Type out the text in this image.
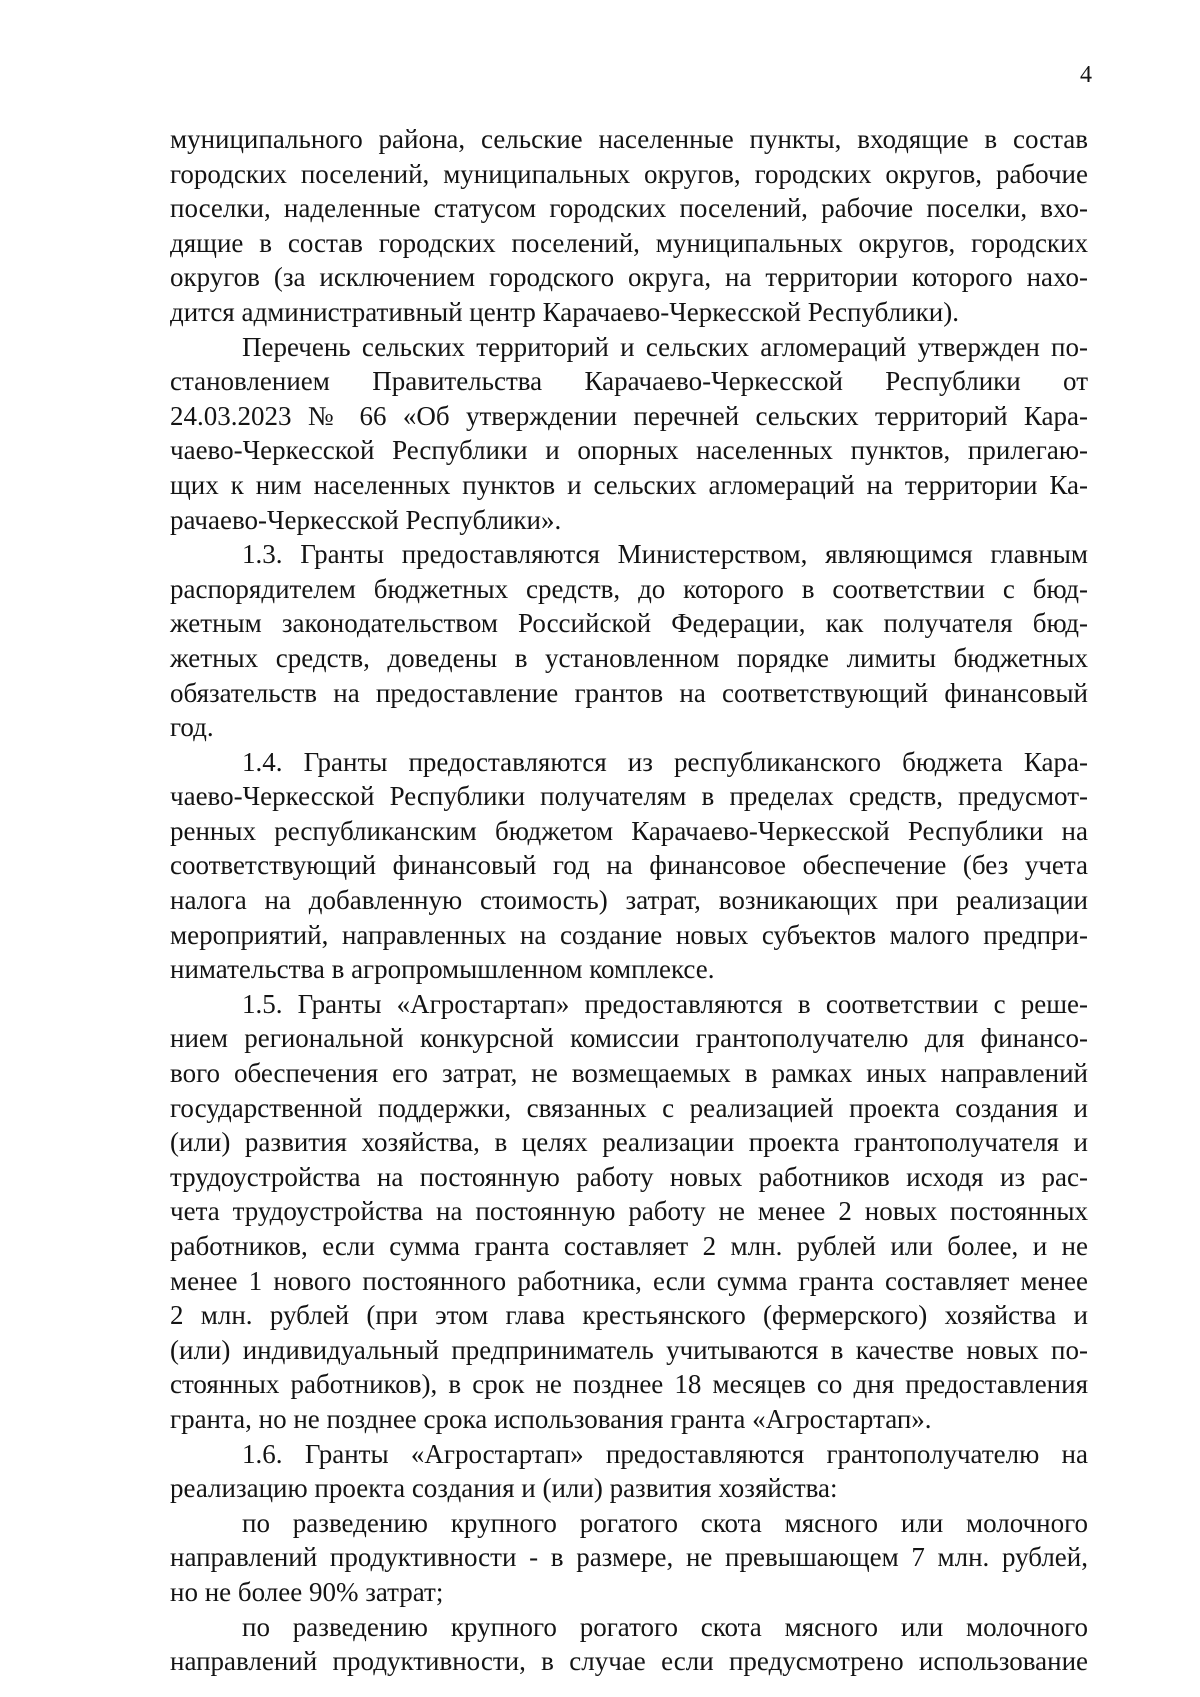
4
муниципального района, сельские населенные пункты, входящие в состав
городских поселений, муниципальных округов, городских округов, рабочие
поселки, наделенные статусом городских поселений, рабочие поселки, вхо-
дящие в состав городских поселений, муниципальных округов, городских
округов (за исключением городского округа, на территории которого нахо-
дится административный центр Карачаево-Черкесской Республики).
Перечень сельских территорий и сельских агломераций утвержден по-
становлением Правительства Карачаево-Черкесской Республики от
24.03.2023 № 66 «Об утверждении перечней сельских территорий Кара-
чаево-Черкесской Республики и опорных населенных пунктов, прилегаю-
щих к ним населенных пунктов и сельских агломераций на территории Ка-
рачаево-Черкесской Республики».
1.3. Гранты предоставляются Министерством, являющимся главным
распорядителем бюджетных средств, до которого в соответствии с бюд-
жетным законодательством Российской Федерации, как получателя бюд-
жетных средств, доведены в установленном порядке лимиты бюджетных
обязательств на предоставление грантов на соответствующий финансовый
год.
1.4. Гранты предоставляются из республиканского бюджета Кара-
чаево-Черкесской Республики получателям в пределах средств, предусмот-
ренных республиканским бюджетом Карачаево-Черкесской Республики на
соответствующий финансовый год на финансовое обеспечение (без учета
налога на добавленную стоимость) затрат, возникающих при реализации
мероприятий, направленных на создание новых субъектов малого предпри-
нимательства в агропромышленном комплексе.
1.5. Гранты «Агростартап» предоставляются в соответствии с реше-
нием региональной конкурсной комиссии грантополучателю для финансо-
вого обеспечения его затрат, не возмещаемых в рамках иных направлений
государственной поддержки, связанных с реализацией проекта создания и
(или) развития хозяйства, в целях реализации проекта грантополучателя и
трудоустройства на постоянную работу новых работников исходя из рас-
чета трудоустройства на постоянную работу не менее 2 новых постоянных
работников, если сумма гранта составляет 2 млн. рублей или более, и не
менее 1 нового постоянного работника, если сумма гранта составляет менее
2 млн. рублей (при этом глава крестьянского (фермерского) хозяйства и
(или) индивидуальный предприниматель учитываются в качестве новых по-
стоянных работников), в срок не позднее 18 месяцев со дня предоставления
гранта, но не позднее срока использования гранта «Агростартап».
1.6. Гранты «Агростартап» предоставляются грантополучателю на
реализацию проекта создания и (или) развития хозяйства:
по разведению крупного рогатого скота мясного или молочного
направлений продуктивности - в размере, не превышающем 7 млн. рублей,
но не более 90% затрат;
по разведению крупного рогатого скота мясного или молочного
направлений продуктивности, в случае если предусмотрено использование
